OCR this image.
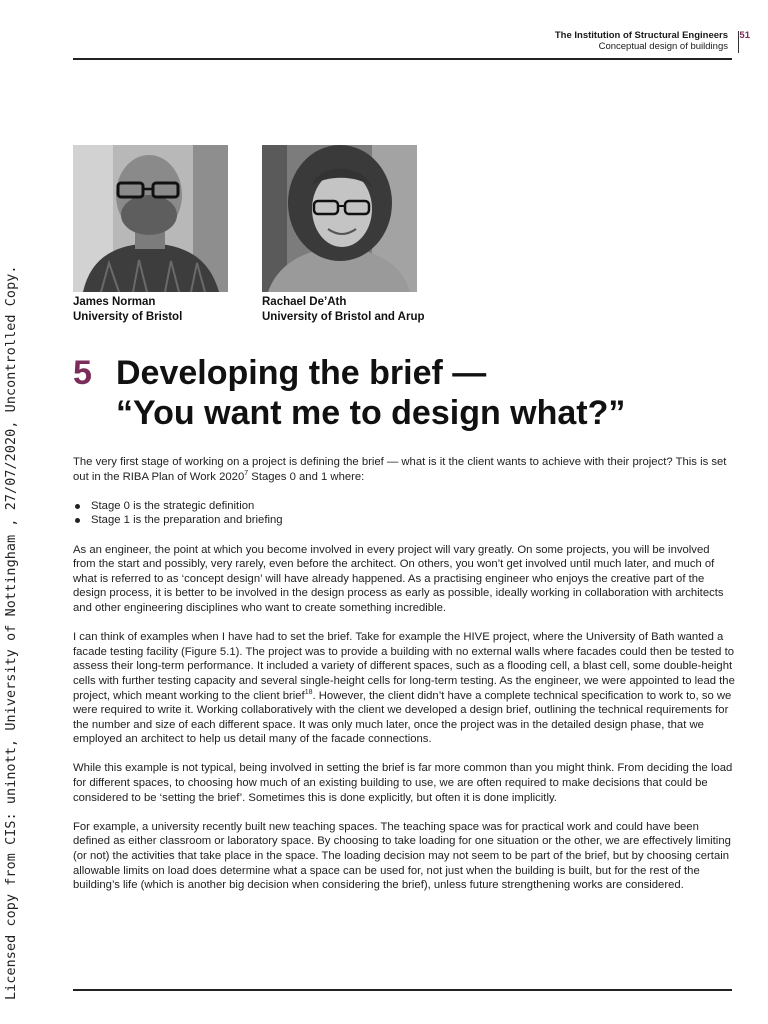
Licensed copy from CIS: uninott, University of Nottingham , 27/07/2020, Uncontrolled Copy.
The Institution of Structural Engineers
Conceptual design of buildings
51
James Norman
University of Bristol
Rachael De’Ath
University of Bristol and Arup
5 Developing the brief —
“You want me to design what?”

The very first stage of working on a project is defining the brief — what is it the client wants to achieve with their project? This is set out in the RIBA Plan of Work 2020$^7$ Stages 0 and 1 where:

Stage 0 is the strategic definition
Stage 1 is the preparation and briefing

As an engineer, the point at which you become involved in every project will vary greatly. On some projects, you will be involved from the start and possibly, very rarely, even before the architect. On others, you won’t get involved until much later, and much of what is referred to as ‘concept design’ will have already happened. As a practising engineer who enjoys the creative part of the design process, it is better to be involved in the design process as early as possible, ideally working in collaboration with architects and other engineering disciplines who want to create something incredible.

I can think of examples when I have had to set the brief. Take for example the HIVE project, where the University of Bath wanted a facade testing facility (Figure 5.1). The project was to provide a building with no external walls where facades could then be tested to assess their long-term performance. It included a variety of different spaces, such as a flooding cell, a blast cell, some double-height cells with further testing capacity and several single-height cells for long-term testing. As the engineer, we were appointed to lead the project, which meant working to the client brief$^{18}$. However, the client didn’t have a complete technical specification to work to, so we were required to write it. Working collaboratively with the client we developed a design brief, outlining the technical requirements for the number and size of each different space. It was only much later, once the project was in the detailed design phase, that we employed an architect to help us detail many of the facade connections.

While this example is not typical, being involved in setting the brief is far more common than you might think. From deciding the load for different spaces, to choosing how much of an existing building to use, we are often required to make decisions that could be considered to be ‘setting the brief’. Sometimes this is done explicitly, but often it is done implicitly.

For example, a university recently built new teaching spaces. The teaching space was for practical work and could have been defined as either classroom or laboratory space. By choosing to take loading for one situation or the other, we are effectively limiting (or not) the activities that take place in the space. The loading decision may not seem to be part of the brief, but by choosing certain allowable limits on load does determine what a space can be used for, not just when the building is built, but for the rest of the building’s life (which is another big decision when considering the brief), unless future strengthening works are considered.
